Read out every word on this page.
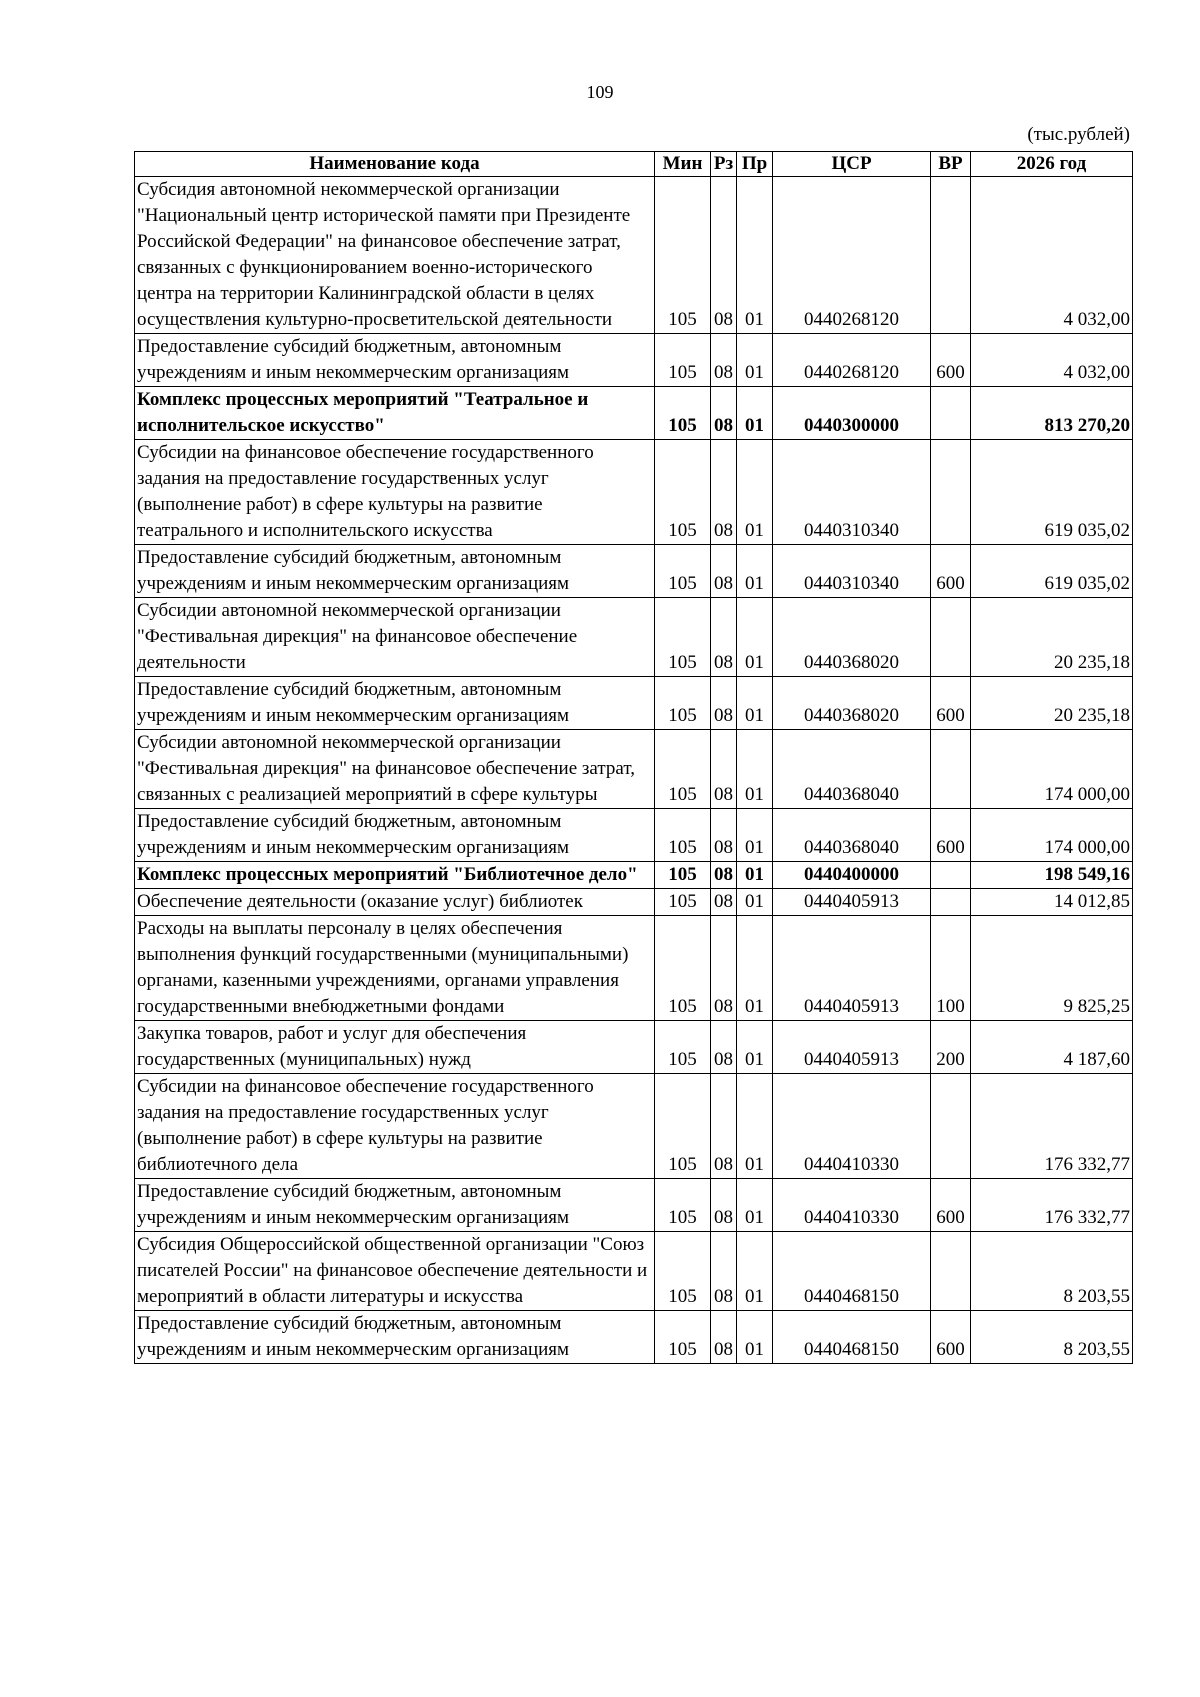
109
(тыс.рублей)
Наименование кода	Мин	Рз	Пр	ЦСР	ВР	2026 год
Субсидия автономной некоммерческой организации "Национальный центр исторической памяти при Президенте Российской Федерации" на финансовое обеспечение затрат, связанных с функционированием военно-исторического центра на территории Калининградской области в целях осуществления культурно-просветительской деятельности	105	08	01	0440268120		4 032,00
Предоставление субсидий бюджетным, автономным учреждениям и иным некоммерческим организациям	105	08	01	0440268120	600	4 032,00
Комплекс процессных мероприятий "Театральное и исполнительское искусство"	105	08	01	0440300000		813 270,20
Субсидии на финансовое обеспечение государственного задания на предоставление государственных услуг (выполнение работ) в сфере культуры на развитие театрального и исполнительского искусства	105	08	01	0440310340		619 035,02
Предоставление субсидий бюджетным, автономным учреждениям и иным некоммерческим организациям	105	08	01	0440310340	600	619 035,02
Субсидии автономной некоммерческой организации "Фестивальная дирекция" на финансовое обеспечение деятельности	105	08	01	0440368020		20 235,18
Предоставление субсидий бюджетным, автономным учреждениям и иным некоммерческим организациям	105	08	01	0440368020	600	20 235,18
Субсидии автономной некоммерческой организации "Фестивальная дирекция" на финансовое обеспечение затрат, связанных с реализацией мероприятий в сфере культуры	105	08	01	0440368040		174 000,00
Предоставление субсидий бюджетным, автономным учреждениям и иным некоммерческим организациям	105	08	01	0440368040	600	174 000,00
Комплекс процессных мероприятий "Библиотечное дело"	105	08	01	0440400000		198 549,16
Обеспечение деятельности (оказание услуг) библиотек	105	08	01	0440405913		14 012,85
Расходы на выплаты персоналу в целях обеспечения выполнения функций государственными (муниципальными) органами, казенными учреждениями, органами управления государственными внебюджетными фондами	105	08	01	0440405913	100	9 825,25
Закупка товаров, работ и услуг для обеспечения государственных (муниципальных) нужд	105	08	01	0440405913	200	4 187,60
Субсидии на финансовое обеспечение государственного задания на предоставление государственных услуг (выполнение работ) в сфере культуры на развитие библиотечного дела	105	08	01	0440410330		176 332,77
Предоставление субсидий бюджетным, автономным учреждениям и иным некоммерческим организациям	105	08	01	0440410330	600	176 332,77
Субсидия Общероссийской общественной организации "Союз писателей России" на финансовое обеспечение деятельности и мероприятий в области литературы и искусства	105	08	01	0440468150		8 203,55
Предоставление субсидий бюджетным, автономным учреждениям и иным некоммерческим организациям	105	08	01	0440468150	600	8 203,55
